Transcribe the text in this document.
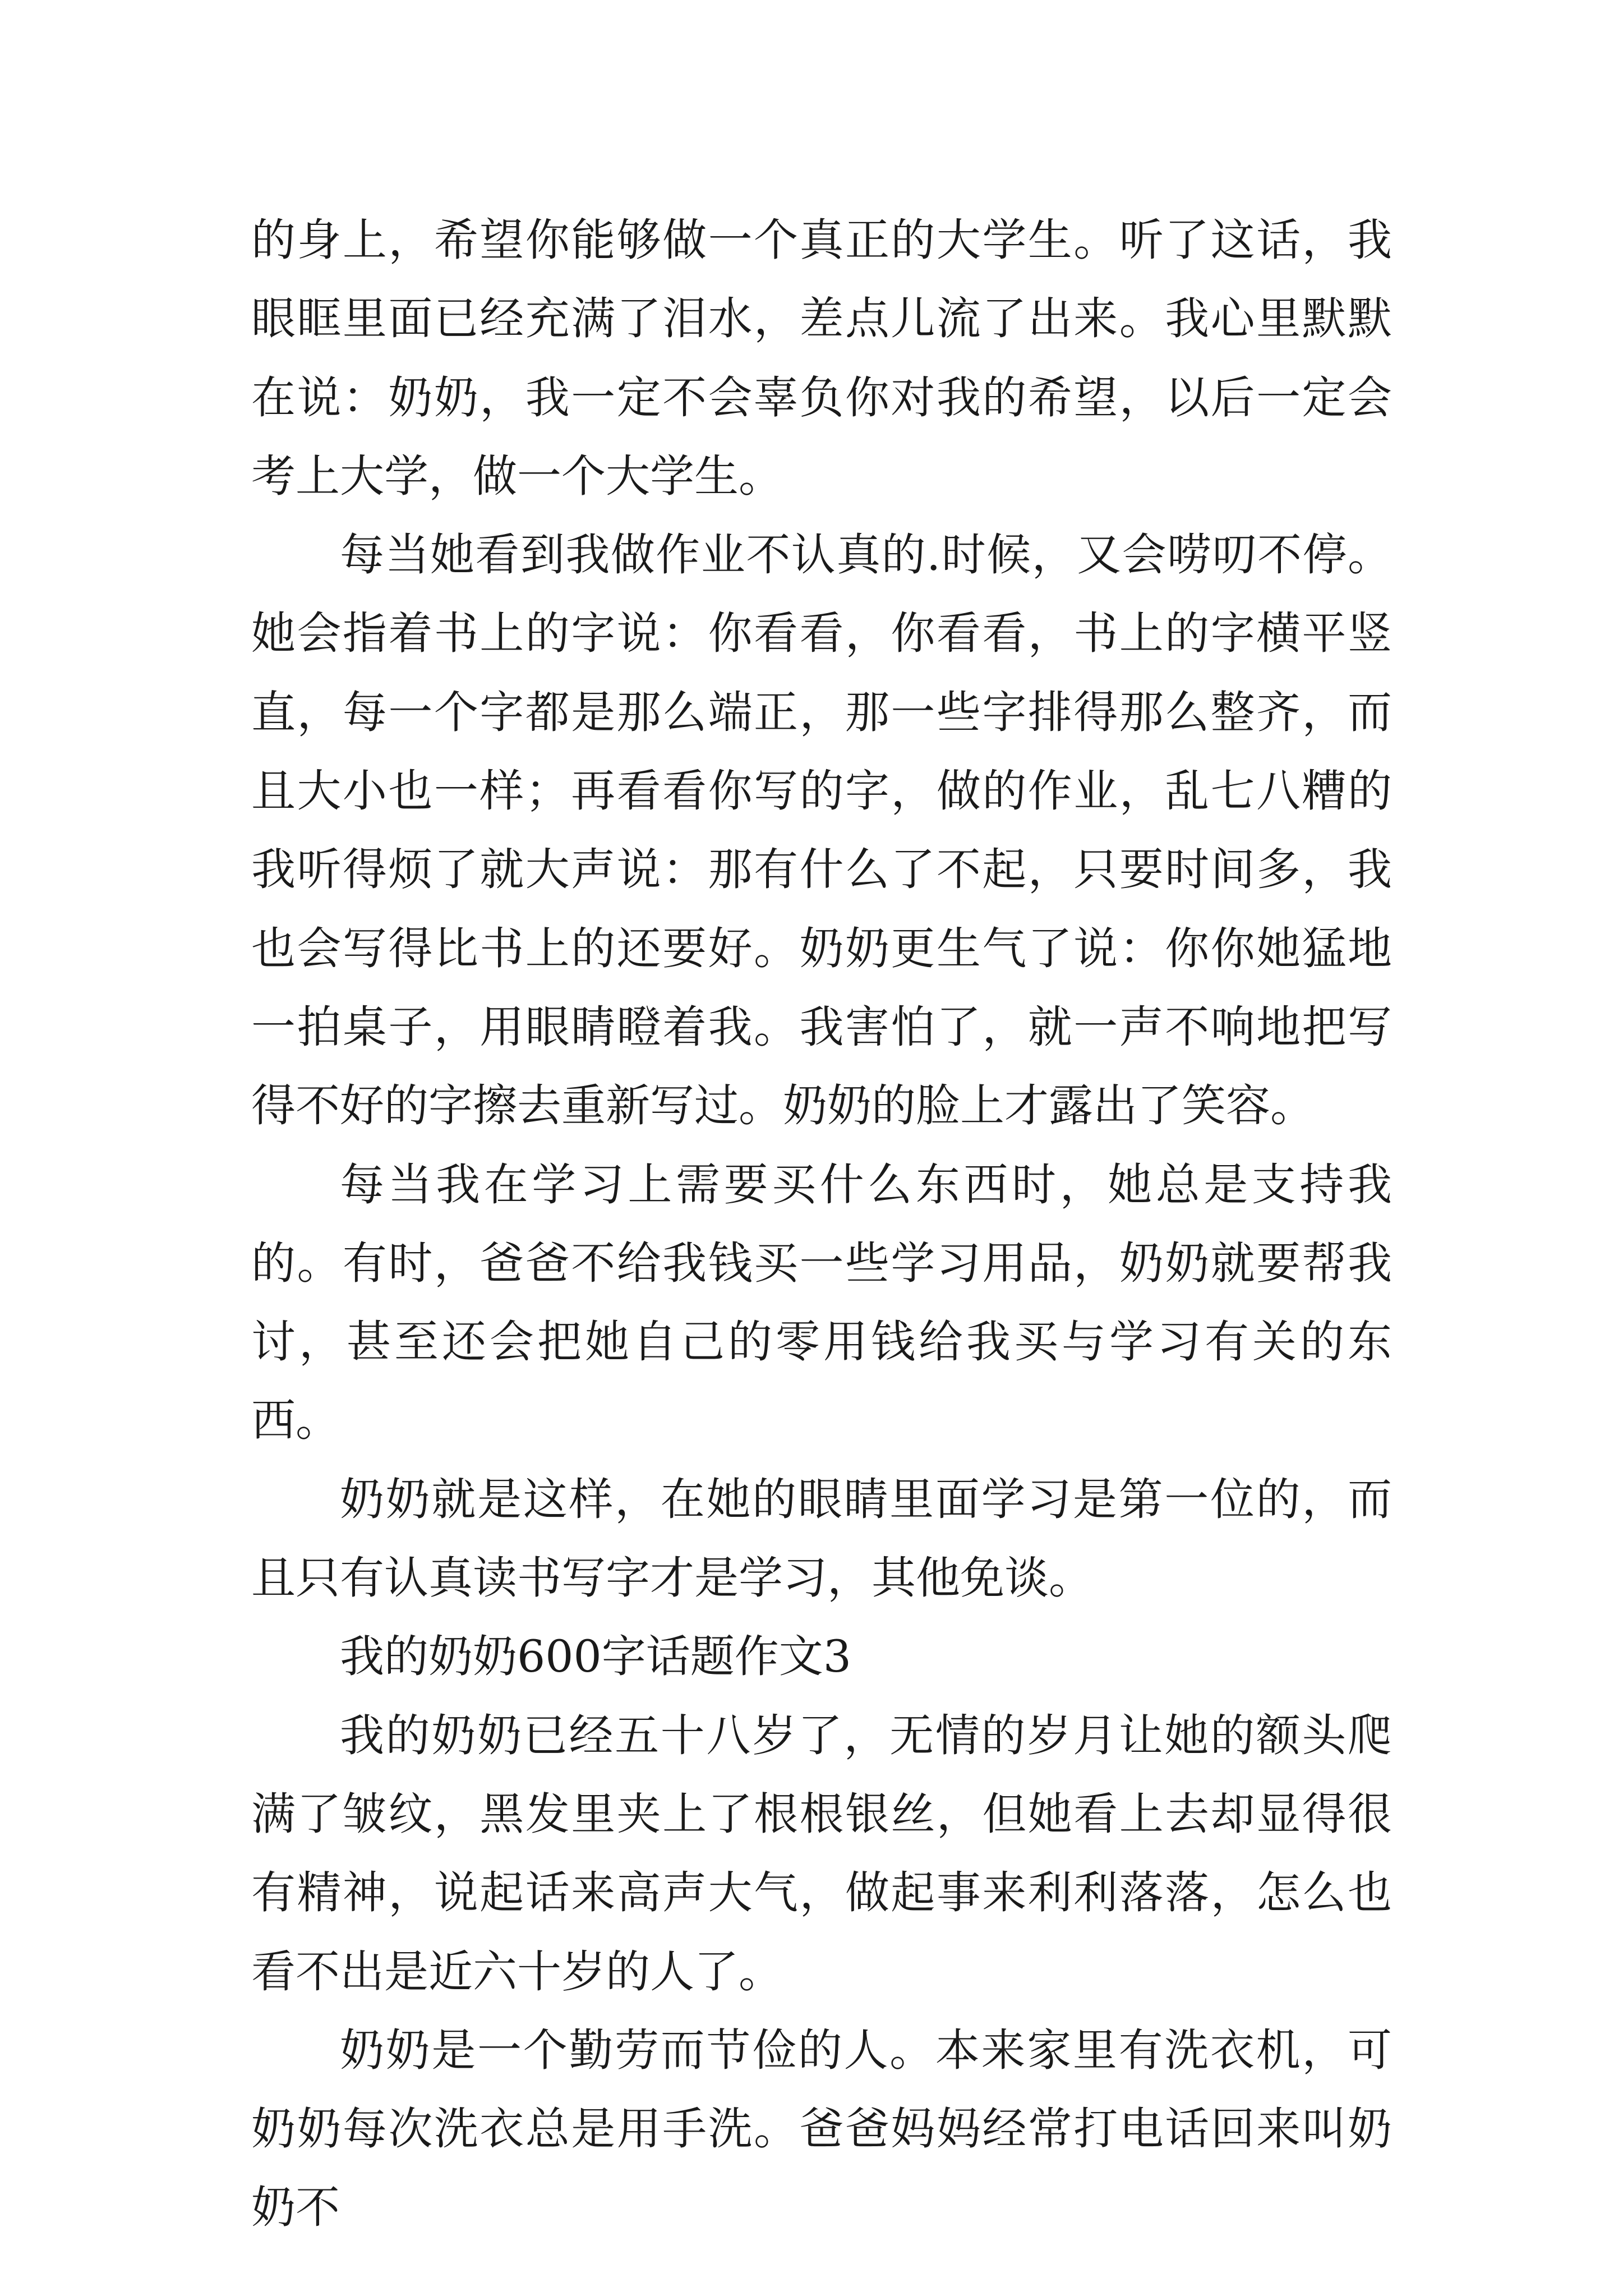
的身上，希望你能够做一个真正的大学生。听了这话，我眼眶里面已经充满了泪水，差点儿流了出来。我心里默默在说：奶奶，我一定不会辜负你对我的希望，以后一定会考上大学，做一个大学生。

每当她看到我做作业不认真的.时候，又会唠叨不停。她会指着书上的字说：你看看，你看看，书上的字横平竖直，每一个字都是那么端正，那一些字排得那么整齐，而且大小也一样；再看看你写的字，做的作业，乱七八糟的我听得烦了就大声说：那有什么了不起，只要时间多，我也会写得比书上的还要好。奶奶更生气了说：你你她猛地一拍桌子，用眼睛瞪着我。我害怕了，就一声不响地把写得不好的字擦去重新写过。奶奶的脸上才露出了笑容。

每当我在学习上需要买什么东西时，她总是支持我的。有时，爸爸不给我钱买一些学习用品，奶奶就要帮我讨，甚至还会把她自己的零用钱给我买与学习有关的东西。

奶奶就是这样，在她的眼睛里面学习是第一位的，而且只有认真读书写字才是学习，其他免谈。

我的奶奶600字话题作文3

我的奶奶已经五十八岁了，无情的岁月让她的额头爬满了皱纹，黑发里夹上了根根银丝，但她看上去却显得很有精神，说起话来高声大气，做起事来利利落落，怎么也看不出是近六十岁的人了。

奶奶是一个勤劳而节俭的人。本来家里有洗衣机，可奶奶每次洗衣总是用手洗。爸爸妈妈经常打电话回来叫奶奶不
